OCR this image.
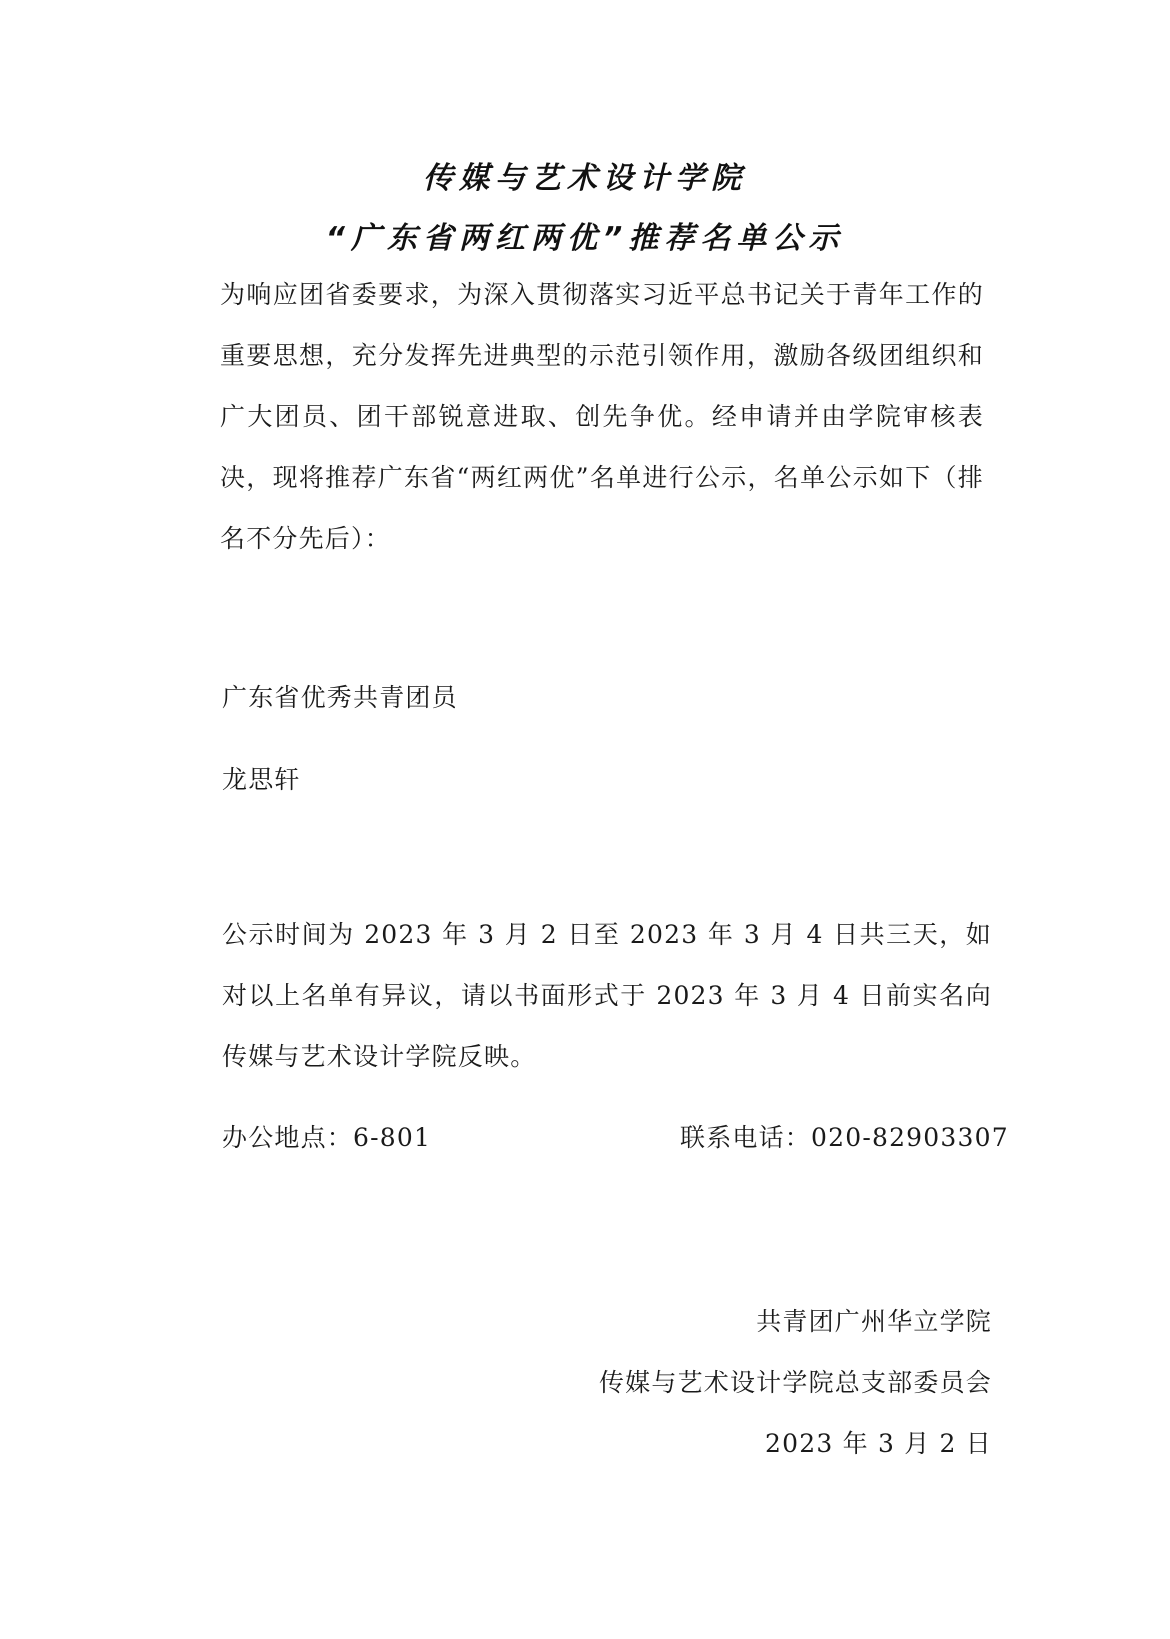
传媒与艺术设计学院
“广东省两红两优”推荐名单公示
为响应团省委要求，为深入贯彻落实习近平总书记关于青年工作的重要思想，充分发挥先进典型的示范引领作用，激励各级团组织和广大团员、团干部锐意进取、创先争优。经申请并由学院审核表决，现将推荐广东省“两红两优”名单进行公示，名单公示如下（排名不分先后）：
广东省优秀共青团员
龙思轩
公示时间为 2023 年 3 月 2 日至 2023 年 3 月 4 日共三天，如对以上名单有异议，请以书面形式于 2023 年 3 月 4 日前实名向传媒与艺术设计学院反映。
办公地点：6-801	联系电话：020-82903307
共青团广州华立学院
传媒与艺术设计学院总支部委员会
2023 年 3 月 2 日
